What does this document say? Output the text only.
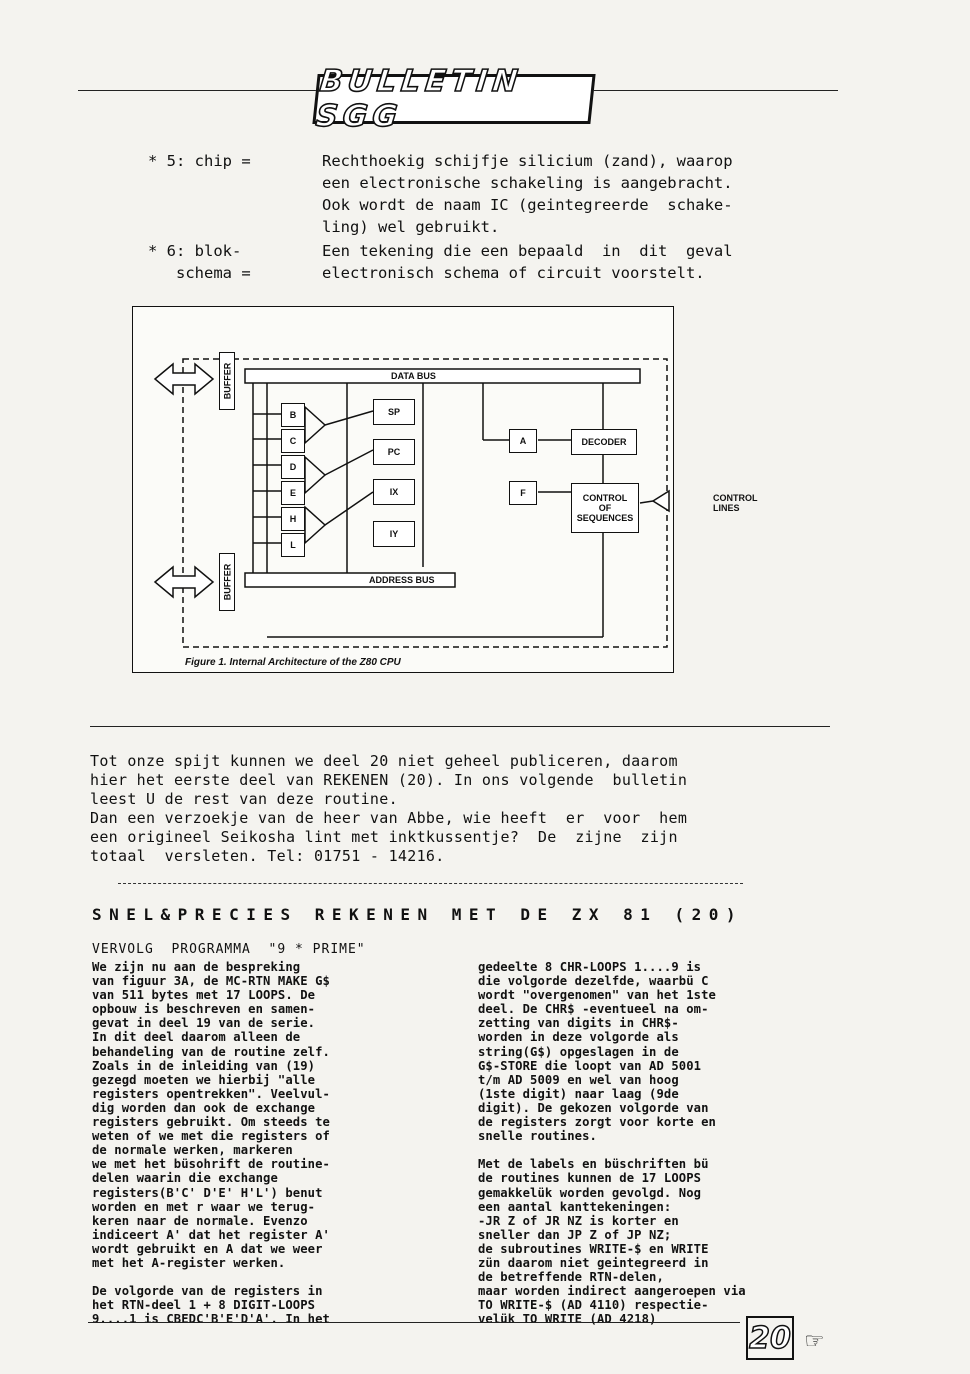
BULLETIN SGG
* 5: chip =	Rechthoekig schijfje silicium (zand), waarop
een electronische schakeling is aangebracht.
Ook wordt de naam IC (geintegreerde  schake-
ling) wel gebruikt.
* 6: blok-
schema =
Een tekening die een bepaald  in  dit  geval
electronisch schema of circuit voorstelt.
BUFFER
BUFFER
DATA BUS
ADDRESS BUS
B
C
D
E
H
L
SP
PC
IX
IY
A
F
DECODER
CONTROL
OF
SEQUENCES
CONTROL
LINES
Figure 1. Internal Architecture of the Z80 CPU
Tot onze spijt kunnen we deel 20 niet geheel publiceren, daarom
hier het eerste deel van REKENEN (20). In ons volgende  bulletin
leest U de rest van deze routine.
Dan een verzoekje van de heer van Abbe, wie heeft  er  voor  hem
een origineel Seikosha lint met inktkussentje?  De  zijne  zijn
totaal  versleten. Tel: 01751 - 14216.
SNEL&PRECIES REKENEN MET DE ZX 81 (20)
VERVOLG  PROGRAMMA  "9 * PRIME"
We zijn nu aan de bespreking
van figuur 3A, de MC-RTN MAKE G$
van 511 bytes met 17 LOOPS. De
opbouw is beschreven en samen-
gevat in deel 19 van de serie.
In dit deel daarom alleen de
behandeling van de routine zelf.
Zoals in de inleiding van (19)
gezegd moeten we hierbij "alle
registers opentrekken". Veelvul-
dig worden dan ook de exchange
registers gebruikt. Om steeds te
weten of we met die registers of
de normale werken, markeren
we met het büsohrift de routine-
delen waarin die exchange
registers(B'C' D'E' H'L') benut
worden en met r waar we terug-
keren naar de normale. Evenzo
indiceert A' dat het register A'
wordt gebruikt en A dat we weer
met het A-register werken.

De volgorde van de registers in
het RTN-deel 1 + 8 DIGIT-LOOPS
9....1 is CBEDC'B'E'D'A'. In het
gedeelte 8 CHR-LOOPS 1....9 is
die volgorde dezelfde, waarbü C
wordt "overgenomen" van het 1ste
deel. De CHR$ -eventueel na om-
zetting van digits in CHR$-
worden in deze volgorde als
string(G$) opgeslagen in de
G$-STORE die loopt van AD 5001
t/m AD 5009 en wel van hoog
(1ste digit) naar laag (9de
digit). De gekozen volgorde van
de registers zorgt voor korte en
snelle routines.

Met de labels en büschriften bü
de routines kunnen de 17 LOOPS
gemakkelük worden gevolgd. Nog
een aantal kanttekeningen:
-JR Z of JR NZ is korter en
sneller dan JP Z of JP NZ;
de subroutines WRITE-$ en WRITE
zün daarom niet geintegreerd in
de betreffende RTN-delen,
maar worden indirect aangeroepen via
TO WRITE-$ (AD 4110) respectie-
velük TO WRITE (AD 4218)
20 ☞
